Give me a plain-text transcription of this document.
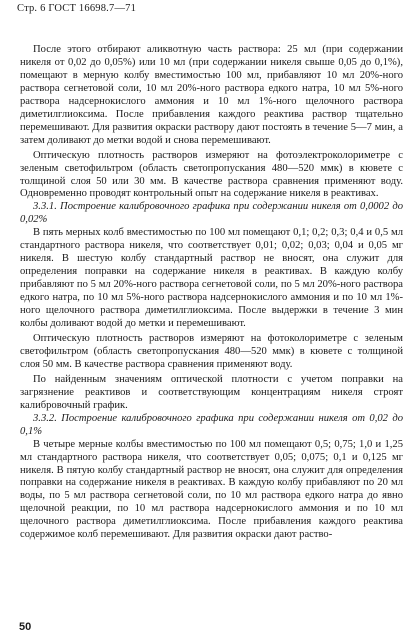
Стр. 6 ГОСТ 16698.7—71

После этого отбирают аликвотную часть раствора: 25 мл (при содержании никеля от 0,02 до 0,05%) или 10 мл (при содержании никеля свыше 0,05 до 0,1%), помещают в мерную колбу вместимостью 100 мл, прибавляют 10 мл 20%-ного раствора сегнетовой соли, 10 мл 20%-ного раствора едкого натра, 10 мл 5%-ного раствора надсернокислого аммония и 10 мл 1%-ного щелочного раствора диметилглиоксима. После прибавления каждого реактива раствор тщательно перемешивают. Для развития окраски раствору дают постоять в течение 5—7 мин, а затем доливают до метки водой и снова перемешивают.

Оптическую плотность растворов измеряют на фотоэлектроколориметре с зеленым светофильтром (область светопропускания 480—520 ммк) в кювете с толщиной слоя 50 или 30 мм. В качестве раствора сравнения применяют воду. Одновременно проводят контрольный опыт на содержание никеля в реактивах.

3.3.1. Построение калибровочного графика при содержании никеля от 0,0002 до 0,02%

В пять мерных колб вместимостью по 100 мл помещают 0,1; 0,2; 0,3; 0,4 и 0,5 мл стандартного раствора никеля, что соответствует 0,01; 0,02; 0,03; 0,04 и 0,05 мг никеля. В шестую колбу стандартный раствор не вносят, она служит для определения поправки на содержание никеля в реактивах. В каждую колбу прибавляют по 5 мл 20%-ного раствора сегнетовой соли, по 5 мл 20%-ного раствора едкого натра, по 10 мл 5%-ного раствора надсернокислого аммония и по 10 мл 1%-ного щелочного раствора диметилглиоксима. После выдержки в течение 3 мин колбы доливают водой до метки и перемешивают.

Оптическую плотность растворов измеряют на фотоколориметре с зеленым светофильтром (область светопропускания 480—520 ммк) в кювете с толщиной слоя 50 мм. В качестве раствора сравнения применяют воду.

По найденным значениям оптической плотности с учетом поправки на загрязнение реактивов и соответствующим концентрациям никеля строят калибровочный график.

3.3.2. Построение калибровочного графика при содержании никеля от 0,02 до 0,1%

В четыре мерные колбы вместимостью по 100 мл помещают 0,5; 0,75; 1,0 и 1,25 мл стандартного раствора никеля, что соответствует 0,05; 0,075; 0,1 и 0,125 мг никеля. В пятую колбу стандартный раствор не вносят, она служит для определения поправки на содержание никеля в реактивах. В каждую колбу прибавляют по 20 мл воды, по 5 мл раствора сегнетовой соли, по 10 мл раствора едкого натра до явно щелочной реакции, по 10 мл раствора надсернокислого аммония и по 10 мл щелочного раствора диметилглиоксима. После прибавления каждого реактива содержимое колб перемешивают. Для развития окраски дают раство-

50
